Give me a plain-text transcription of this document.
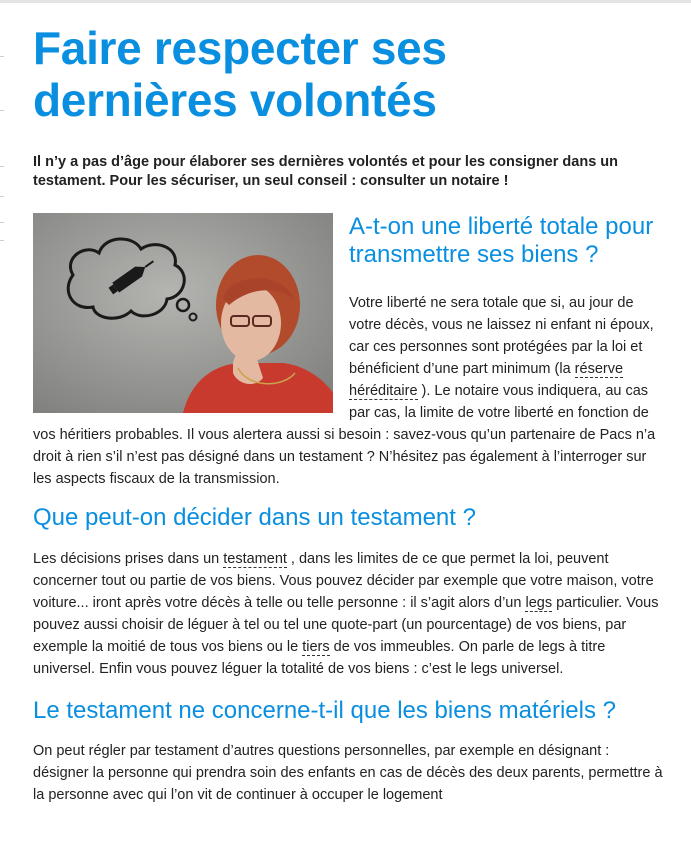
Faire respecter ses dernières volontés

Il n’y a pas d’âge pour élaborer ses dernières volontés et pour les consigner dans un testament. Pour les sécuriser, un seul conseil : consulter un notaire !

A-t-on une liberté totale pour transmettre ses biens ?

Votre liberté ne sera totale que si, au jour de votre décès, vous ne laissez ni enfant ni époux, car ces personnes sont protégées par la loi et bénéficient d’une part minimum (la réserve héréditaire ). Le notaire vous indiquera, au cas par cas, la limite de votre liberté en fonction de vos héritiers probables. Il vous alertera aussi si besoin : savez-vous qu’un partenaire de Pacs n’a droit à rien s’il n’est pas désigné dans un testament ? N’hésitez pas également à l’interroger sur les aspects fiscaux de la transmission.

Que peut-on décider dans un testament ?

Les décisions prises dans un testament , dans les limites de ce que permet la loi, peuvent concerner tout ou partie de vos biens. Vous pouvez décider par exemple que votre maison, votre voiture... iront après votre décès à telle ou telle personne : il s’agit alors d’un legs particulier. Vous pouvez aussi choisir de léguer à tel ou tel une quote-part (un pourcentage) de vos biens, par exemple la moitié de tous vos biens ou le tiers de vos immeubles. On parle de legs à titre universel. Enfin vous pouvez léguer la totalité de vos biens : c’est le legs universel.

Le testament ne concerne-t-il que les biens matériels ?

On peut régler par testament d’autres questions personnelles, par exemple en désignant : désigner la personne qui prendra soin des enfants en cas de décès des deux parents, permettre à la personne avec qui l’on vit de continuer à occuper le logement
